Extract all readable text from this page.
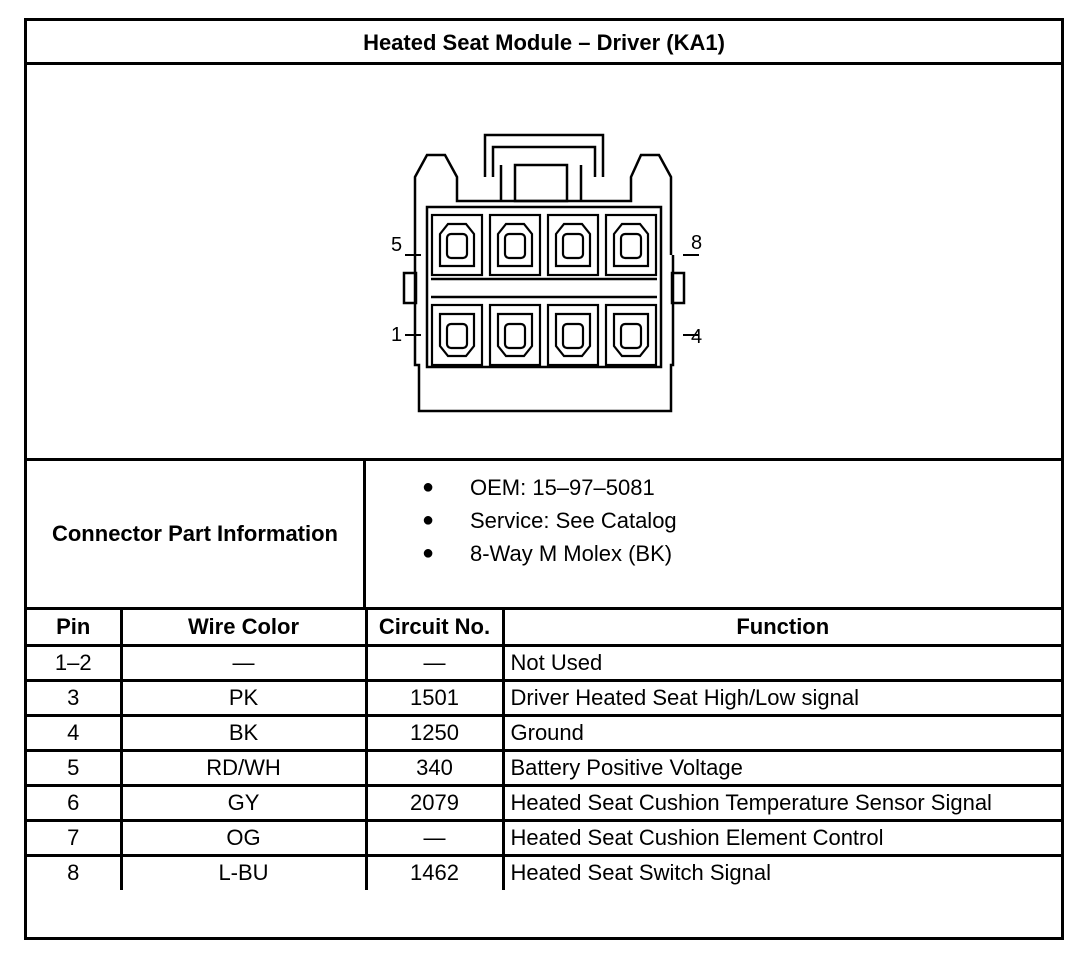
Heated Seat Module – Driver (KA1)
5	8
1	4
Connector Part Information
● OEM: 15–97–5081
● Service: See Catalog
● 8-Way M Molex (BK)
Pin	Wire Color	Circuit No.	Function
1–2	—	—	Not Used
3	PK	1501	Driver Heated Seat High/Low signal
4	BK	1250	Ground
5	RD/WH	340	Battery Positive Voltage
6	GY	2079	Heated Seat Cushion Temperature Sensor Signal
7	OG	—	Heated Seat Cushion Element Control
8	L-BU	1462	Heated Seat Switch Signal
